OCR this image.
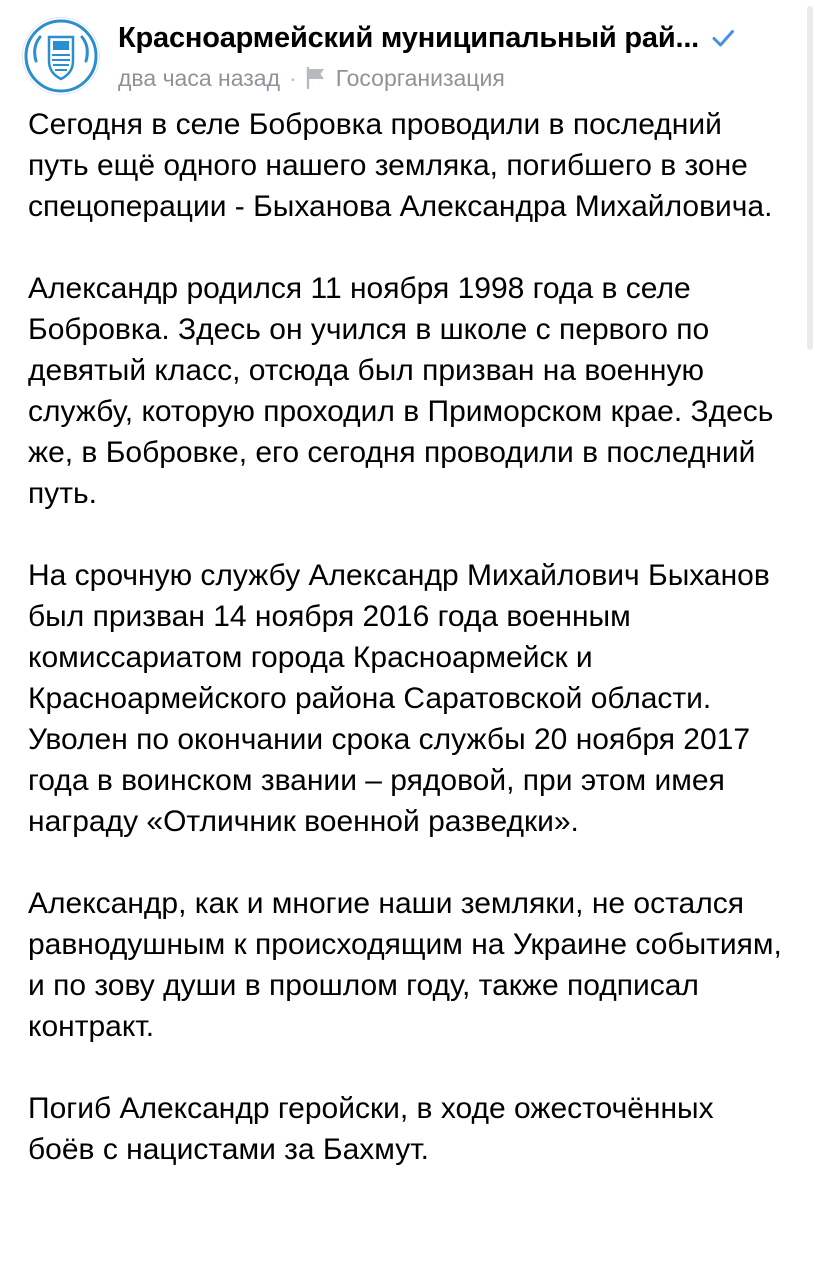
Красноармейский муниципальный рай...
два часа назад · Госорганизация

Сегодня в селе Бобровка проводили в последний путь ещё одного нашего земляка, погибшего в зоне спецоперации - Быханова Александра Михайловича.

Александр родился 11 ноября 1998 года в селе Бобровка. Здесь он учился в школе с первого по девятый класс, отсюда был призван на военную службу, которую проходил в Приморском крае. Здесь же, в Бобровке, его сегодня проводили в последний путь.

На срочную службу Александр Михайлович Быханов был призван 14 ноября 2016 года военным комиссариатом города Красноармейск и Красноармейского района Саратовской области. Уволен по окончании срока службы 20 ноября 2017 года в воинском звании – рядовой, при этом имея награду «Отличник военной разведки».

Александр, как и многие наши земляки, не остался равнодушным к происходящим на Украине событиям, и по зову души в прошлом году, также подписал контракт.

Погиб Александр геройски, в ходе ожесточённых боёв с нацистами за Бахмут.
